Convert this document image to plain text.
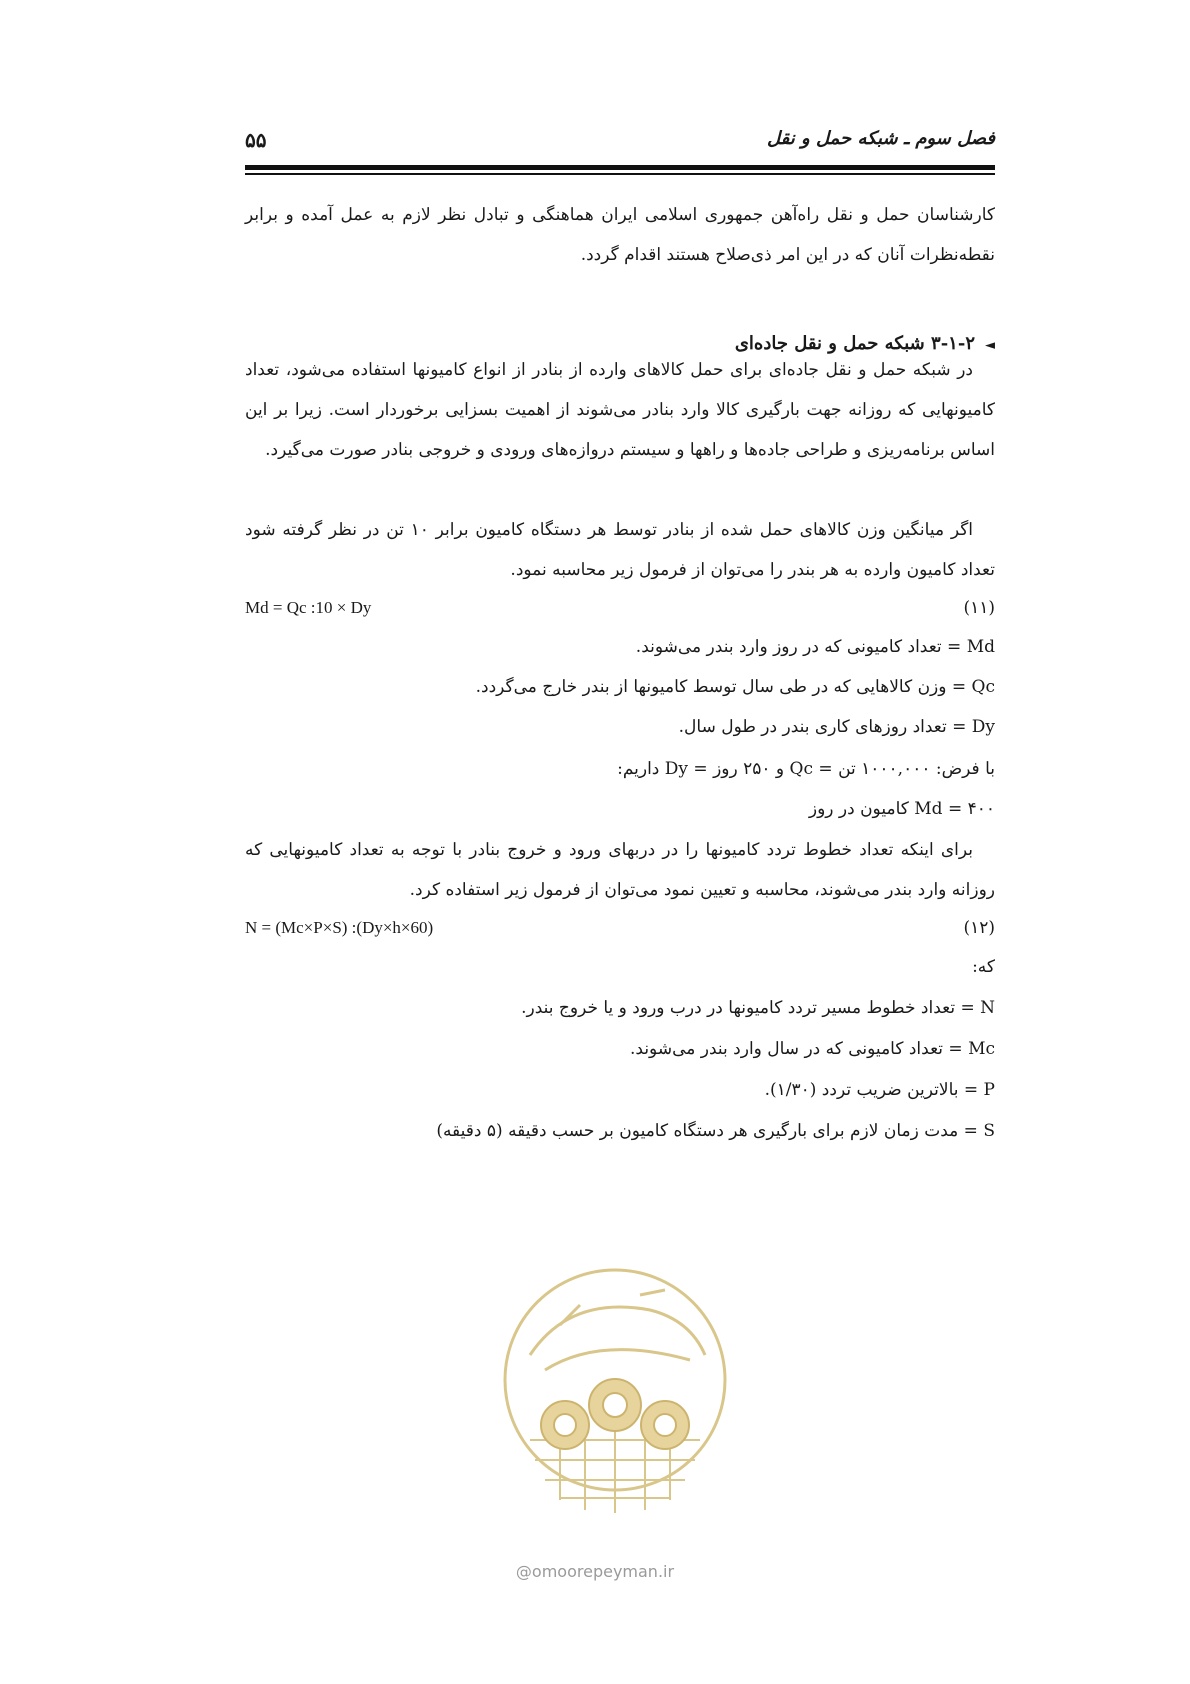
فصل سوم ـ شبکه حمل و نقل
۵۵

کارشناسان حمل و نقل راه‌آهن جمهوری اسلامی ایران هماهنگی و تبادل نظر لازم به عمل آمده و برابر نقطه‌نظرات آنان که در این امر ذی‌صلاح هستند اقدام گردد.

◄۳-۱-۲ شبکه حمل و نقل جاده‌ای

در شبکه حمل و نقل جاده‌ای برای حمل کالاهای وارده از بنادر از انواع کامیونها استفاده می‌شود، تعداد کامیونهایی که روزانه جهت بارگیری کالا وارد بنادر می‌شوند از اهمیت بسزایی برخوردار است. زیرا بر این اساس برنامه‌ریزی و طراحی جاده‌ها و راهها و سیستم دروازه‌های ورودی و خروجی بنادر صورت می‌گیرد.

اگر میانگین وزن کالاهای حمل شده از بنادر توسط هر دستگاه کامیون برابر ۱۰ تن در نظر گرفته شود تعداد کامیون وارده به هر بندر را می‌توان از فرمول زیر محاسبه نمود.

Md = Qc :10 × Dy	(۱۱)
Md = تعداد کامیونی که در روز وارد بندر می‌شوند.
Qc = وزن کالاهایی که در طی سال توسط کامیونها از بندر خارج می‌گردد.
Dy = تعداد روزهای کاری بندر در طول سال.
با فرض: ۱۰۰۰,۰۰۰ تن = Qc و ۲۵۰ روز = Dy داریم:
Md = ۴۰۰ کامیون در روز

برای اینکه تعداد خطوط تردد کامیونها را در دربهای ورود و خروج بنادر با توجه به تعداد کامیونهایی که روزانه وارد بندر می‌شوند، محاسبه و تعیین نمود می‌توان از فرمول زیر استفاده کرد.

N = (Mc×P×S) :(Dy×h×60)	(۱۲)
که:
N = تعداد خطوط مسیر تردد کامیونها در درب ورود و یا خروج بندر.
Mc = تعداد کامیونی که در سال وارد بندر می‌شوند.
P = بالاترین ضریب تردد (۱/۳۰).
S = مدت زمان لازم برای بارگیری هر دستگاه کامیون بر حسب دقیقه (۵ دقیقه)
@omoorepeyman.ir
